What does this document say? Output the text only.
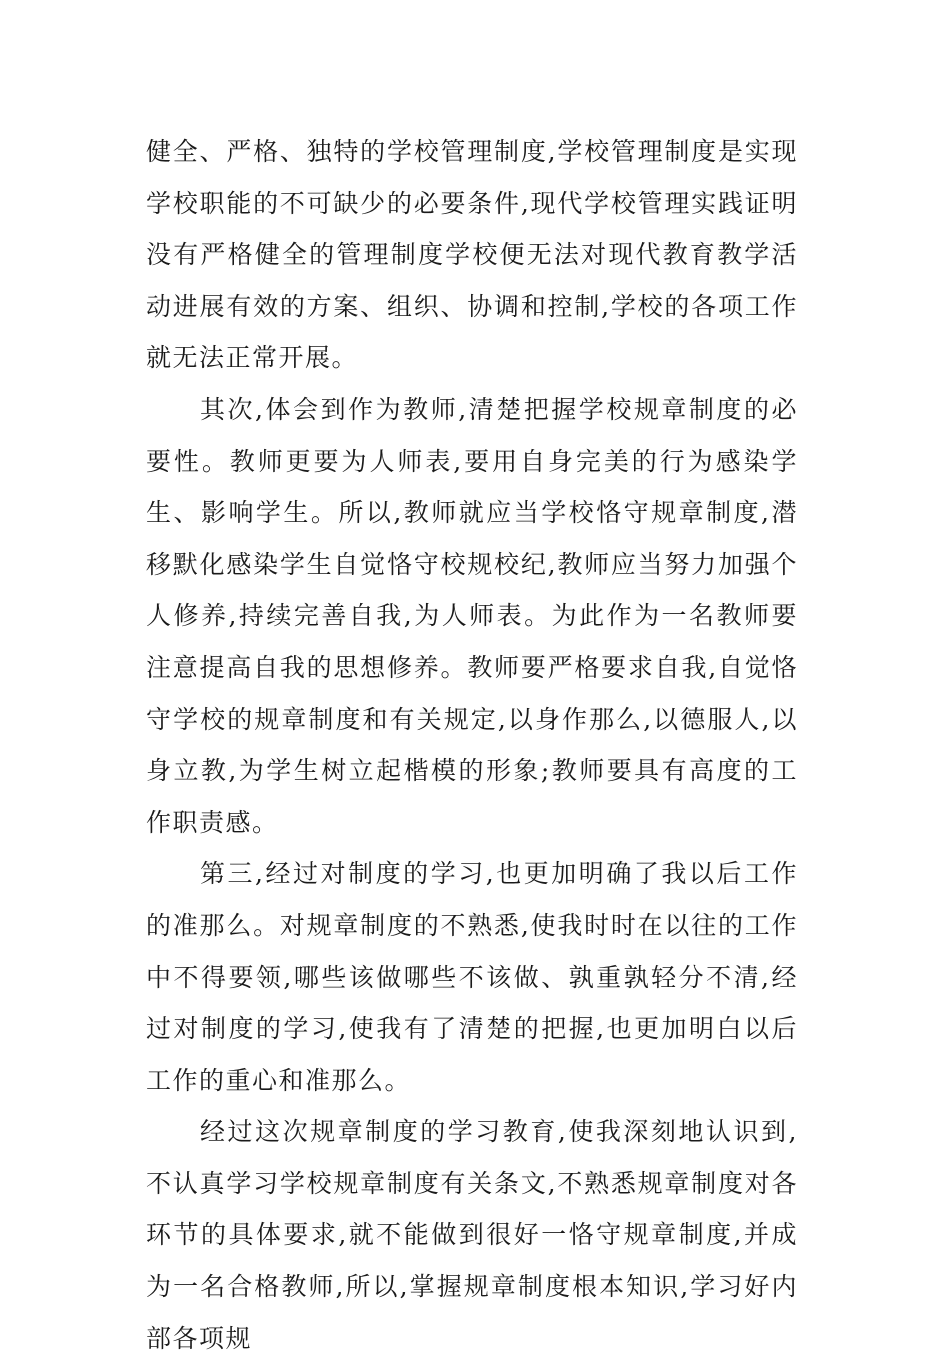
健全、严格、独特的学校管理制度,学校管理制度是实现学校职能的不可缺少的必要条件,现代学校管理实践证明没有严格健全的管理制度学校便无法对现代教育教学活动进展有效的方案、组织、协调和控制,学校的各项工作就无法正常开展。

其次,体会到作为教师,清楚把握学校规章制度的必要性。教师更要为人师表,要用自身完美的行为感染学生、影响学生。所以,教师就应当学校恪守规章制度,潜移默化感染学生自觉恪守校规校纪,教师应当努力加强个人修养,持续完善自我,为人师表。为此作为一名教师要注意提高自我的思想修养。教师要严格要求自我,自觉恪守学校的规章制度和有关规定,以身作那么,以德服人,以身立教,为学生树立起楷模的形象;教师要具有高度的工作职责感。

第三,经过对制度的学习,也更加明确了我以后工作的准那么。对规章制度的不熟悉,使我时时在以往的工作中不得要领,哪些该做哪些不该做、孰重孰轻分不清,经过对制度的学习,使我有了清楚的把握,也更加明白以后工作的重心和准那么。

经过这次规章制度的学习教育,使我深刻地认识到,不认真学习学校规章制度有关条文,不熟悉规章制度对各环节的具体要求,就不能做到很好一恪守规章制度,并成为一名合格教师,所以,掌握规章制度根本知识,学习好内部各项规
